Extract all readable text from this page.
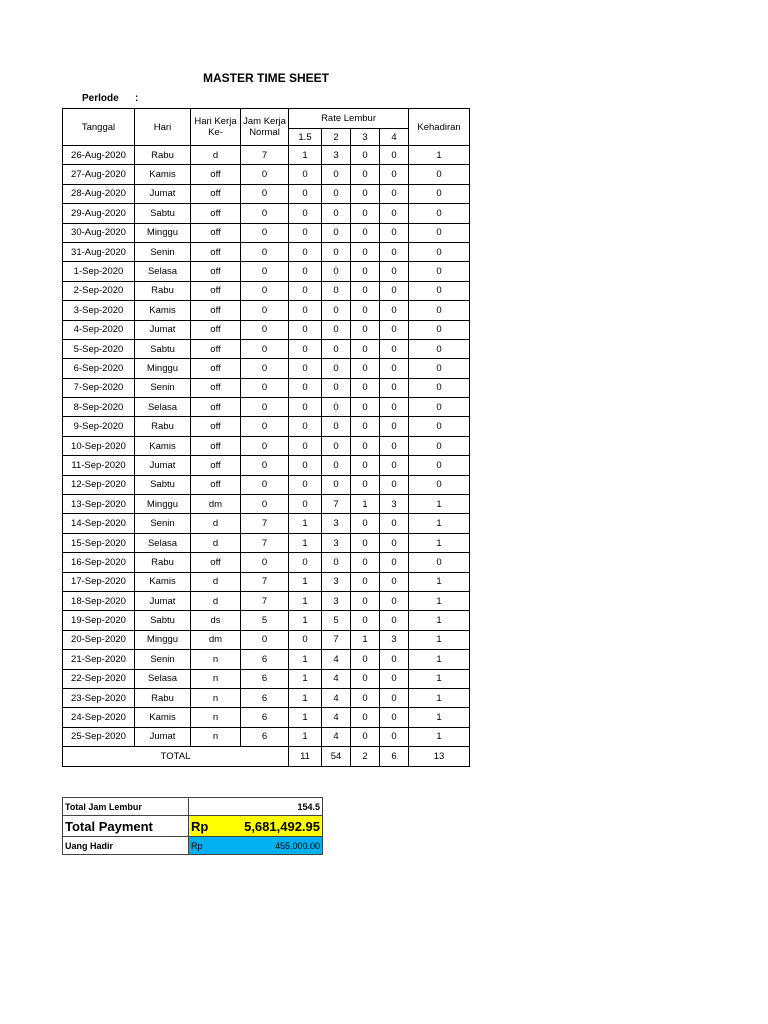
MASTER TIME SHEET
Perlode :
Tanggal	Hari	Hari Kerja Ke-	Jam Kerja Normal	Rate Lembur				Kehadiran
				1.5	2	3	4	
26-Aug-2020	Rabu	d	7	1	3	0	0	1
27-Aug-2020	Kamis	off	0	0	0	0	0	0
28-Aug-2020	Jumat	off	0	0	0	0	0	0
29-Aug-2020	Sabtu	off	0	0	0	0	0	0
30-Aug-2020	Minggu	off	0	0	0	0	0	0
31-Aug-2020	Senin	off	0	0	0	0	0	0
1-Sep-2020	Selasa	off	0	0	0	0	0	0
2-Sep-2020	Rabu	off	0	0	0	0	0	0
3-Sep-2020	Kamis	off	0	0	0	0	0	0
4-Sep-2020	Jumat	off	0	0	0	0	0	0
5-Sep-2020	Sabtu	off	0	0	0	0	0	0
6-Sep-2020	Minggu	off	0	0	0	0	0	0
7-Sep-2020	Senin	off	0	0	0	0	0	0
8-Sep-2020	Selasa	off	0	0	0	0	0	0
9-Sep-2020	Rabu	off	0	0	0	0	0	0
10-Sep-2020	Kamis	off	0	0	0	0	0	0
11-Sep-2020	Jumat	off	0	0	0	0	0	0
12-Sep-2020	Sabtu	off	0	0	0	0	0	0
13-Sep-2020	Minggu	dm	0	0	7	1	3	1
14-Sep-2020	Senin	d	7	1	3	0	0	1
15-Sep-2020	Selasa	d	7	1	3	0	0	1
16-Sep-2020	Rabu	off	0	0	0	0	0	0
17-Sep-2020	Kamis	d	7	1	3	0	0	1
18-Sep-2020	Jumat	d	7	1	3	0	0	1
19-Sep-2020	Sabtu	ds	5	1	5	0	0	1
20-Sep-2020	Minggu	dm	0	0	7	1	3	1
21-Sep-2020	Senin	n	6	1	4	0	0	1
22-Sep-2020	Selasa	n	6	1	4	0	0	1
23-Sep-2020	Rabu	n	6	1	4	0	0	1
24-Sep-2020	Kamis	n	6	1	4	0	0	1
25-Sep-2020	Jumat	n	6	1	4	0	0	1
TOTAL				11	54	2	6	13
Total Jam Lembur	154.5
Total Payment	Rp 5,681,492.95

Uang Hadir	Rp 455,000.00
